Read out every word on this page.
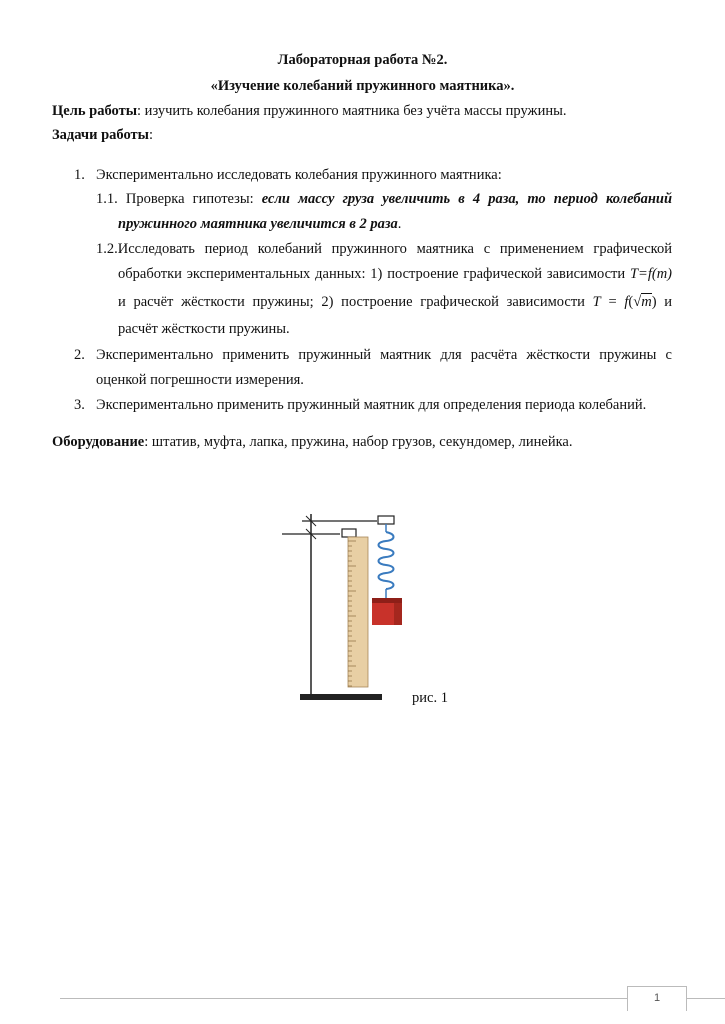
Лабораторная работа №2.
«Изучение колебаний пружинного маятника».
Цель работы: изучить колебания пружинного маятника без учёта массы пружины.
Задачи работы:
1. Экспериментально исследовать колебания пружинного маятника:
1.1. Проверка гипотезы: если массу груза увеличить в 4 раза, то период колебаний
пружинного маятника увеличится в 2 раза.
1.2.Исследовать период колебаний пружинного маятника с применением графической
обработки экспериментальных данных: 1) построение графической зависимости T=f(m)
и расчёт жёсткости пружины; 2) построение графической зависимости T = f(√m) и
расчёт жёсткости пружины.
2. Экспериментально применить пружинный маятник для расчёта жёсткости пружины с
оценкой погрешности измерения.
3. Экспериментально применить пружинный маятник для определения периода колебаний.
Оборудование: штатив, муфта, лапка, пружина, набор грузов, секундомер, линейка.
рис. 1
1
